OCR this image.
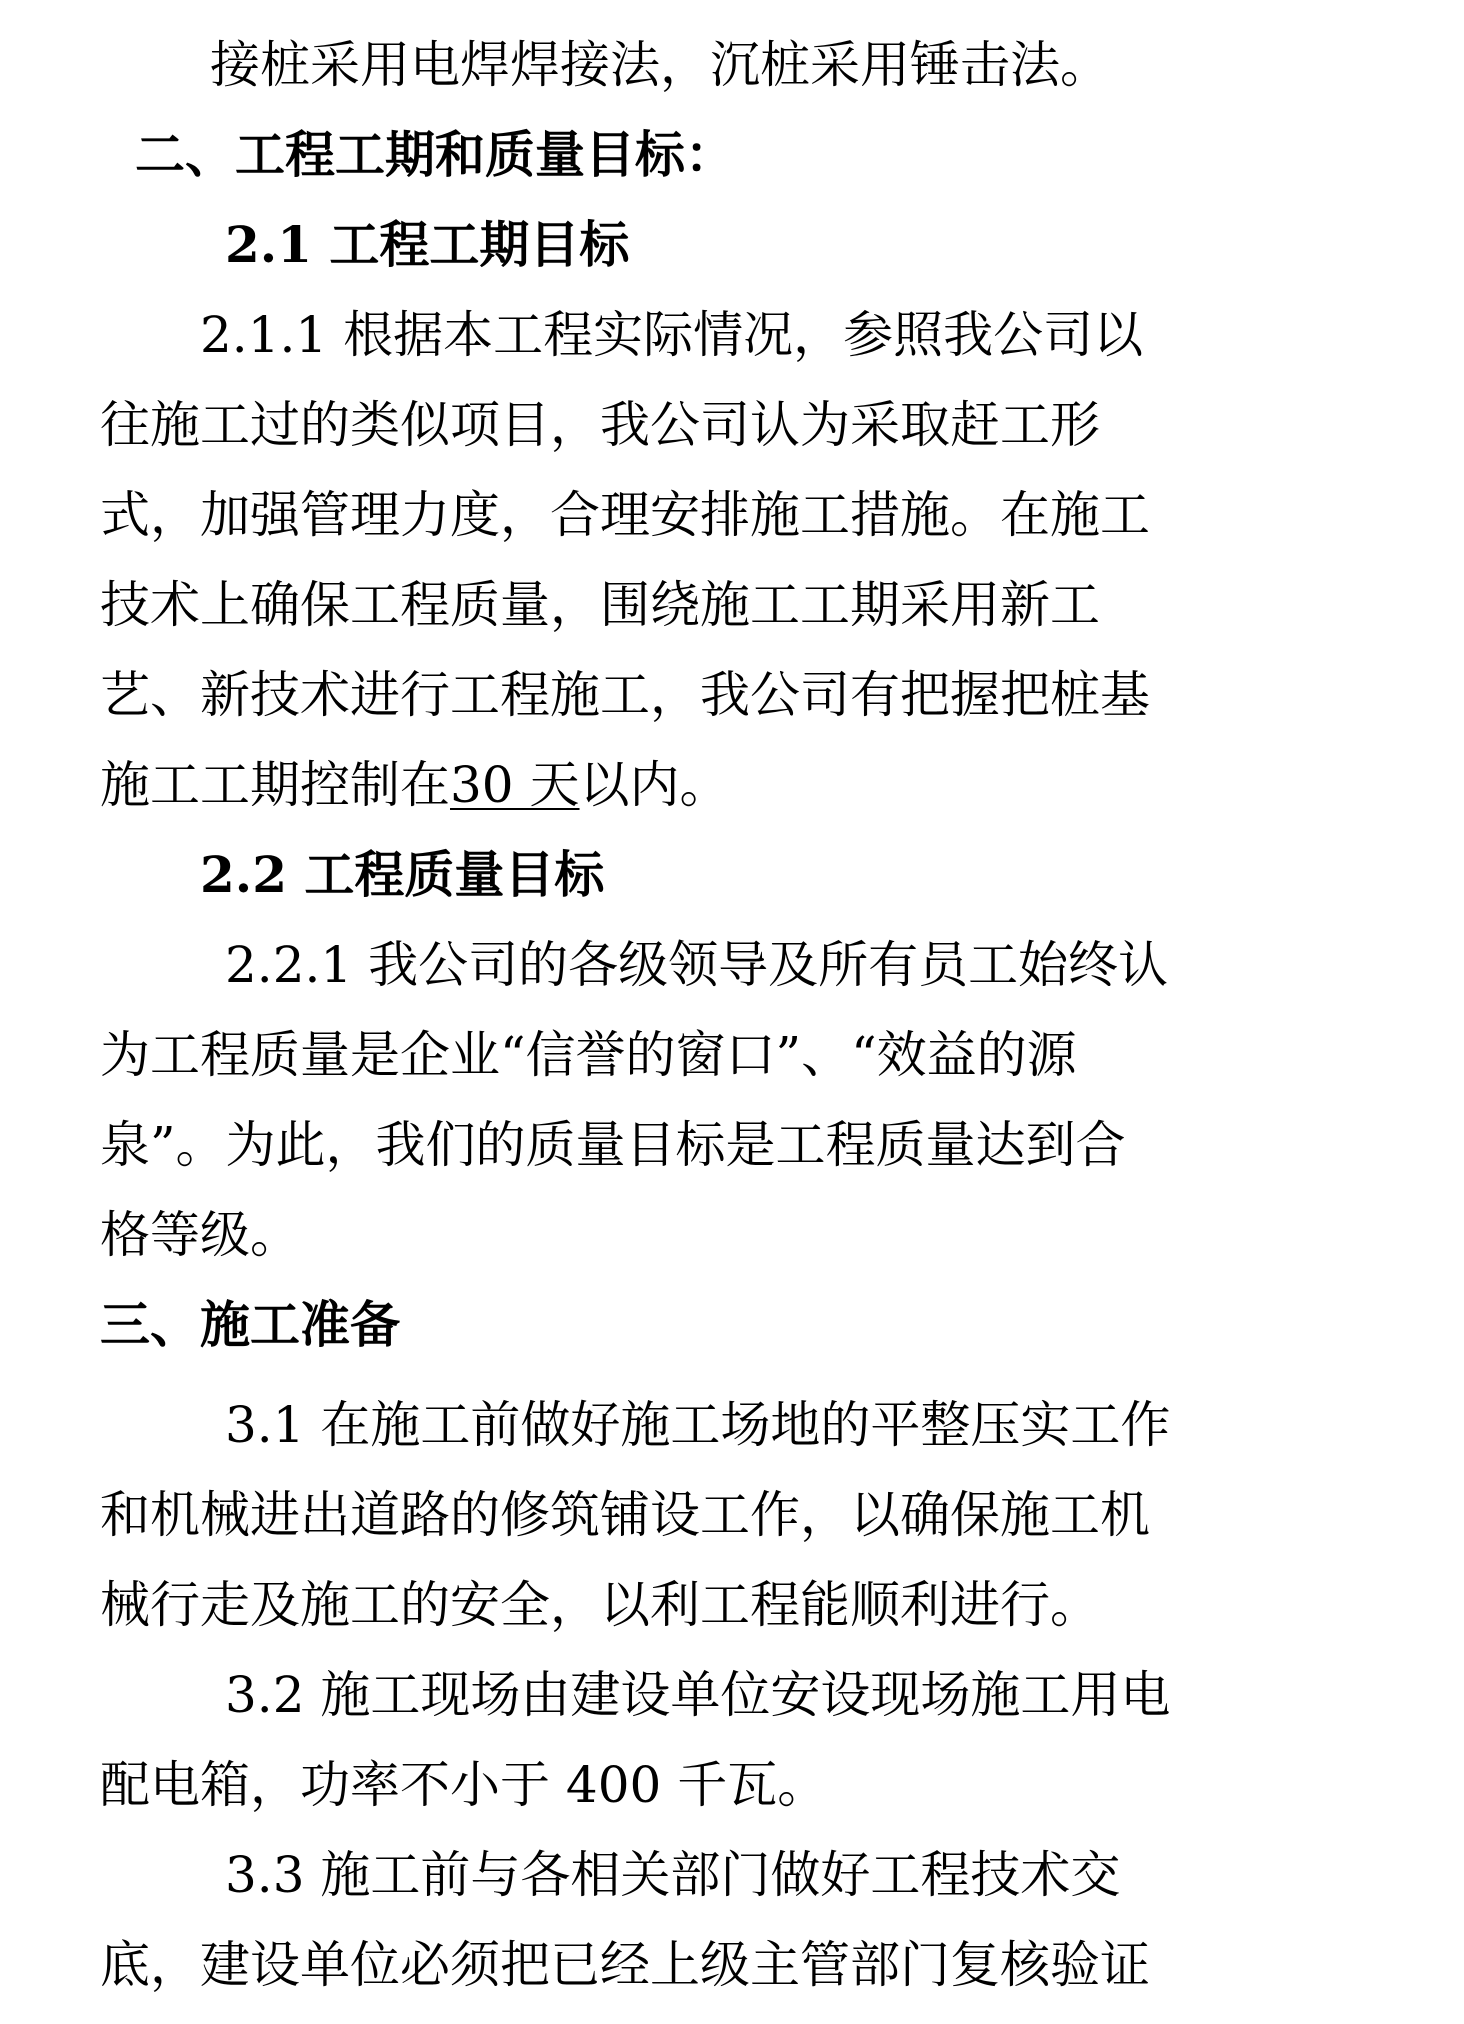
接桩采用电焊焊接法，沉桩采用锤击法。
二、工程工期和质量目标：
2.1 工程工期目标
2.1.1 根据本工程实际情况，参照我公司以
往施工过的类似项目，我公司认为采取赶工形
式，加强管理力度，合理安排施工措施。在施工
技术上确保工程质量，围绕施工工期采用新工
艺、新技术进行工程施工，我公司有把握把桩基
施工工期控制在30 天以内。
2.2 工程质量目标
2.2.1 我公司的各级领导及所有员工始终认
为工程质量是企业“信誉的窗口”、“效益的源
泉”。为此，我们的质量目标是工程质量达到合
格等级。
三、施工准备
3.1 在施工前做好施工场地的平整压实工作
和机械进出道路的修筑铺设工作，以确保施工机
械行走及施工的安全，以利工程能顺利进行。
3.2 施工现场由建设单位安设现场施工用电
配电箱，功率不小于 400 千瓦。
3.3 施工前与各相关部门做好工程技术交
底，建设单位必须把已经上级主管部门复核验证
